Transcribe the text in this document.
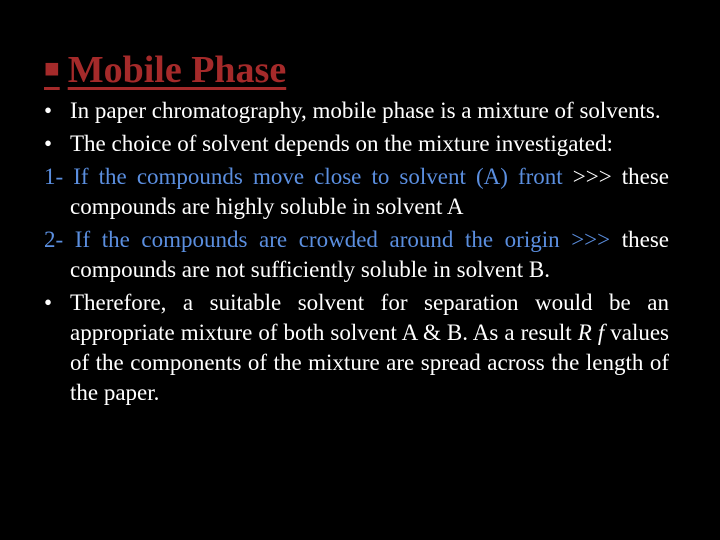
■ Mobile Phase
• In paper chromatography, mobile phase is a mixture of solvents.
• The choice of solvent depends on the mixture investigated:
1- If the compounds move close to solvent (A) front >>> these compounds are highly soluble in solvent A
2- If the compounds are crowded around the origin >>> these compounds are not sufficiently soluble in solvent B.
• Therefore, a suitable solvent for separation would be an appropriate mixture of both solvent A & B. As a result R f values of the components of the mixture are spread across the length of the paper.
